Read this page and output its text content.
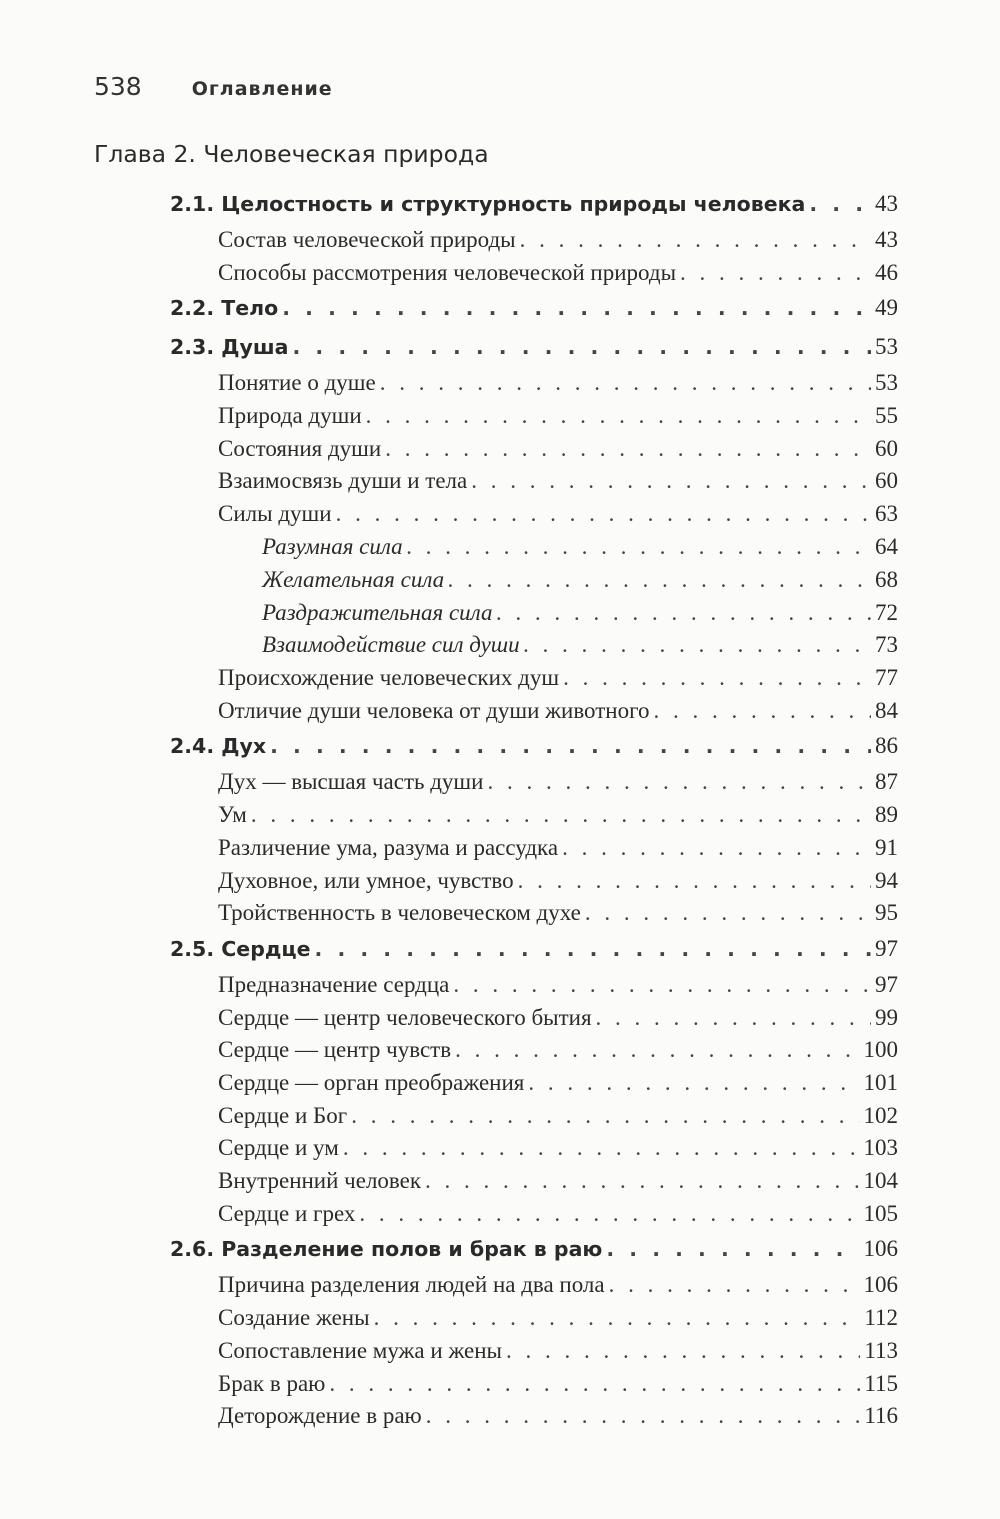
538	Оглавление
Глава 2. Человеческая природа
2.1. Целостность и структурность природы человека . . .	43
Состав человеческой природы . . .	43
Способы рассмотрения человеческой природы . . .	46
2.2. Тело . . .	49
2.3. Душа . . .	53
Понятие о душе . . .	53
Природа души . . .	55
Состояния души . . .	60
Взаимосвязь души и тела . . .	60
Силы души . . .	63
Разумная сила . . .	64
Желательная сила . . .	68
Раздражительная сила . . .	72
Взаимодействие сил души . . .	73
Происхождение человеческих душ . . .	77
Отличие души человека от души животного . . .	84
2.4. Дух . . .	86
Дух — высшая часть души . . .	87
Ум . . .	89
Различение ума, разума и рассудка . . .	91
Духовное, или умное, чувство . . .	94
Тройственность в человеческом духе . . .	95
2.5. Сердце . . .	97
Предназначение сердца . . .	97
Сердце — центр человеческого бытия . . .	99
Сердце — центр чувств . . .	100
Сердце — орган преображения . . .	101
Сердце и Бог . . .	102
Сердце и ум . . .	103
Внутренний человек . . .	104
Сердце и грех . . .	105
2.6. Разделение полов и брак в раю . . .	106
Причина разделения людей на два пола . . .	106
Создание жены . . .	112
Сопоставление мужа и жены . . .	113
Брак в раю . . .	115
Деторождение в раю . . .	116
